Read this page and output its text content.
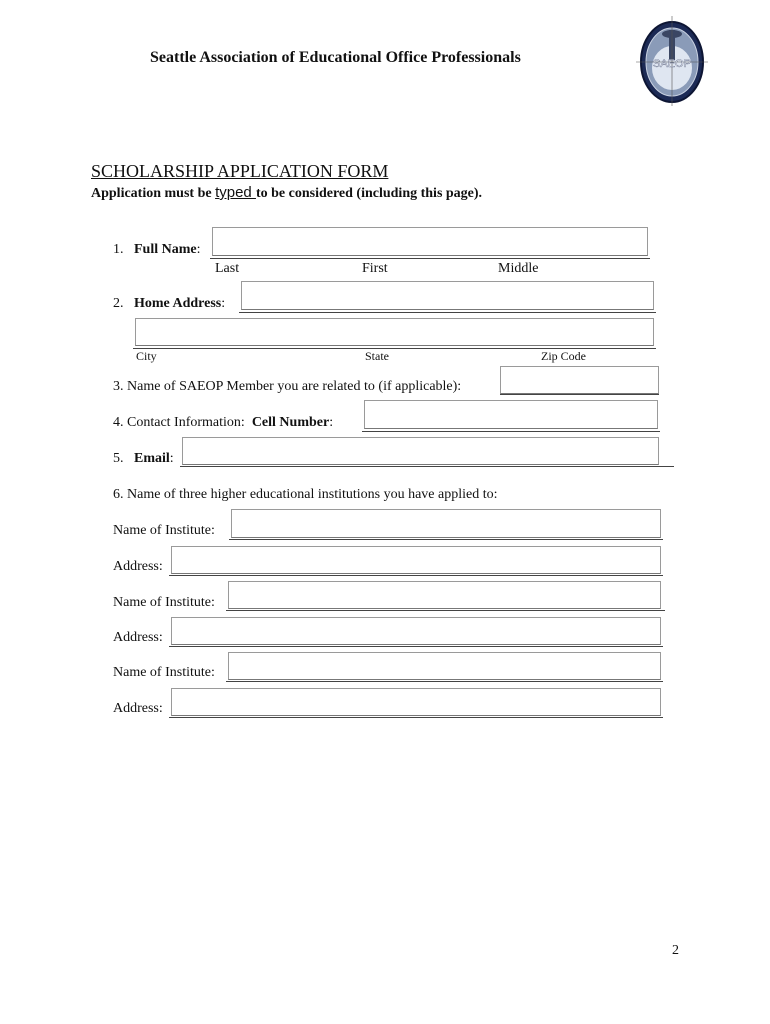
Seattle Association of Educational Office Professionals	SAEOP
SCHOLARSHIP APPLICATION FORM
Application must be typed to be considered (including this page).
1. Full Name:
Last	First	Middle
2. Home Address:
City	State	Zip Code
3. Name of SAEOP Member you are related to (if applicable):
4. Contact Information: Cell Number:
5. Email:
6. Name of three higher educational institutions you have applied to:
Name of Institute:
Address:
Name of Institute:
Address:
Name of Institute:
Address:
2
